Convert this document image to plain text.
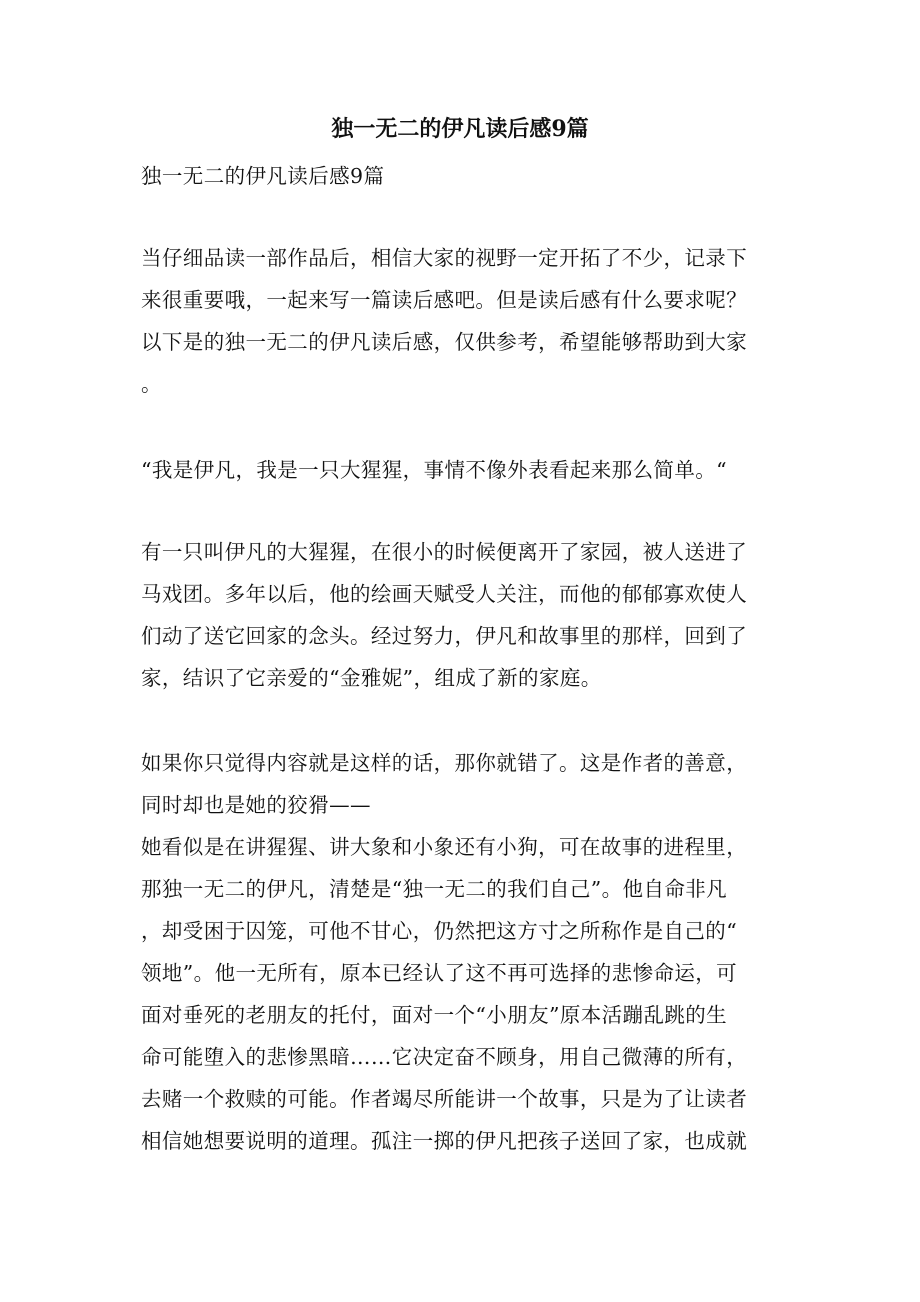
独一无二的伊凡读后感9篇
独一无二的伊凡读后感9篇
当仔细品读一部作品后，相信大家的视野一定开拓了不少，记录下
来很重要哦，一起来写一篇读后感吧。但是读后感有什么要求呢？
以下是的独一无二的伊凡读后感，仅供参考，希望能够帮助到大家
。
“我是伊凡，我是一只大猩猩，事情不像外表看起来那么简单。“
有一只叫伊凡的大猩猩，在很小的时候便离开了家园，被人送进了
马戏团。多年以后，他的绘画天赋受人关注，而他的郁郁寡欢使人
们动了送它回家的念头。经过努力，伊凡和故事里的那样，回到了
家，结识了它亲爱的“金雅妮”，组成了新的家庭。
如果你只觉得内容就是这样的话，那你就错了。这是作者的善意，
同时却也是她的狡猾——
她看似是在讲猩猩、讲大象和小象还有小狗，可在故事的进程里，
那独一无二的伊凡，清楚是“独一无二的我们自己”。他自命非凡
，却受困于囚笼，可他不甘心，仍然把这方寸之所称作是自己的“
领地”。他一无所有，原本已经认了这不再可选择的悲惨命运，可
面对垂死的老朋友的托付，面对一个“小朋友”原本活蹦乱跳的生
命可能堕入的悲惨黑暗……它决定奋不顾身，用自己微薄的所有，
去赌一个救赎的可能。作者竭尽所能讲一个故事，只是为了让读者
相信她想要说明的道理。孤注一掷的伊凡把孩子送回了家，也成就
